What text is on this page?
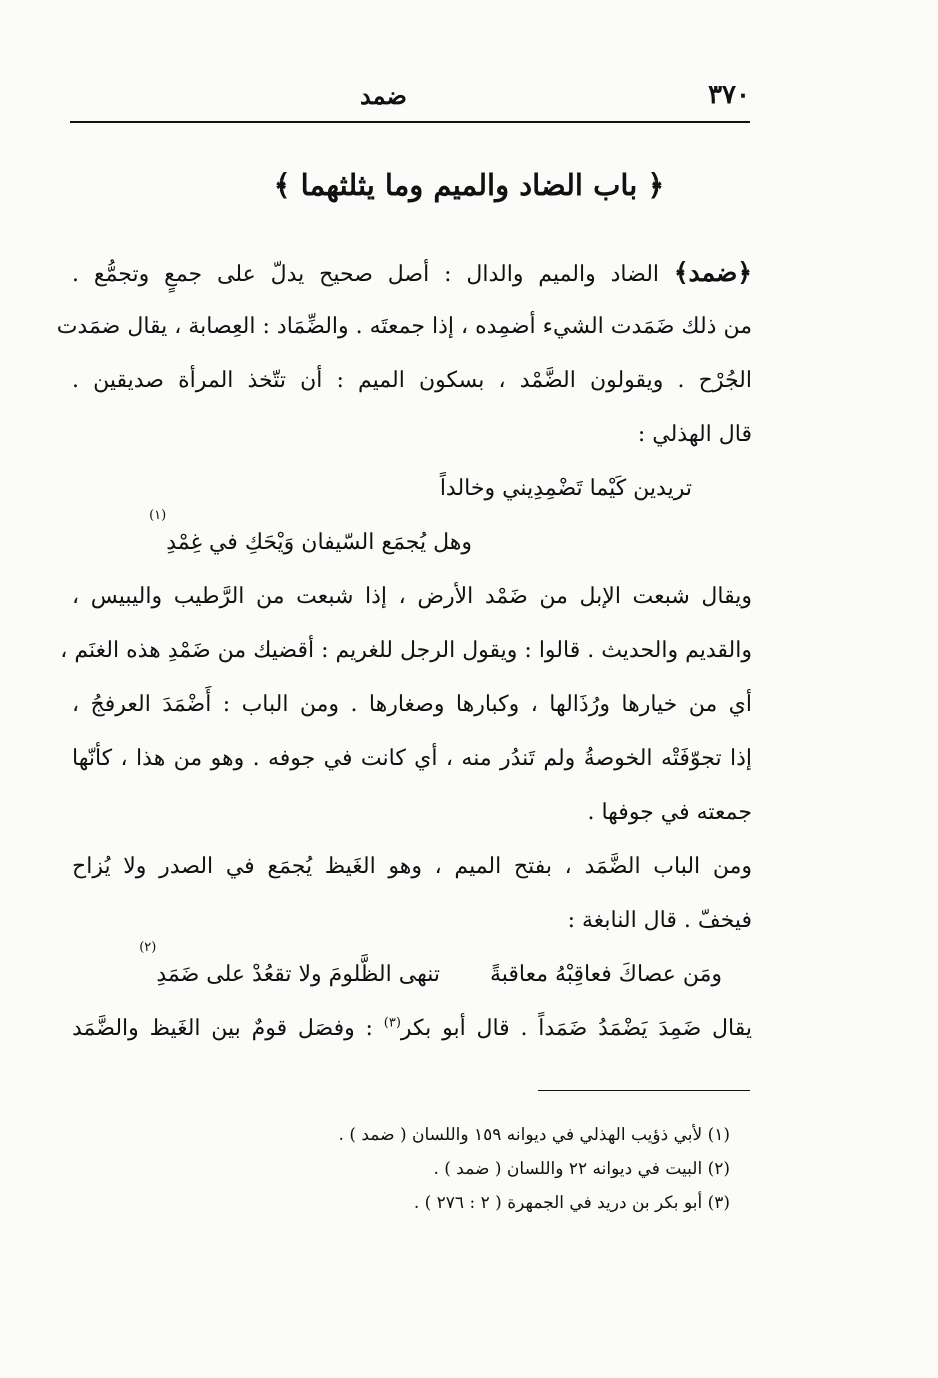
٣٧٠
ضمد
﴿ باب الضاد والميم وما يثلثهما ﴾
﴿ضمد﴾ الضاد والميم والدال : أصل صحيح يدلّ على جمعٍ وتجمُّع .
من ذلك ضَمَدت الشيء أضمِده ، إذا جمعتَه . والضِّمَاد : العِصابة ، يقال ضمَدت
الجُرْح . ويقولون الضَّمْد ، بسكون الميم : أن تتّخذ المرأة صديقين .
قال الهذلي :
تريدين كَيْما تَضْمِدِيني وخالداً
وهل يُجمَع السّيفان وَيْحَكِ في غِمْدِ
(١)
ويقال شبعت الإبل من ضَمْد الأرض ، إذا شبعت من الرَّطيب واليبيس ،
والقديم والحديث . قالوا : ويقول الرجل للغريم : أقضيك من ضَمْدِ هذه الغنَم ،
أي من خيارها ورُذَالها ، وكبارها وصغارها . ومن الباب : أَضْمَدَ العرفجُ ،
إذا تجوّفَتْه الخوصةُ ولم تَندُر منه ، أي كانت في جوفه . وهو من هذا ، كأنّها
جمعته في جوفها .
ومن الباب الضَّمَد ، بفتح الميم ، وهو الغَيظ يُجمَع في الصدر ولا يُزاح
فيخفّ . قال النابغة :
ومَن عصاكَ فعاقِبْهُ معاقبةً
تنهى الظَّلومَ ولا تقعُدْ على ضَمَدِ
(٢)
يقال ضَمِدَ يَضْمَدُ ضَمَداً . قال أبو بكر$^{(٣)}$ : وفصَل قومٌ بين الغَيظ والضَّمَد
(١) لأبي ذؤيب الهذلي في ديوانه ١٥٩ واللسان ( ضمد ) .
(٢) البيت في ديوانه ٢٢ واللسان ( ضمد ) .
(٣) أبو بكر بن دريد في الجمهرة ( ٢ : ٢٧٦ ) .
